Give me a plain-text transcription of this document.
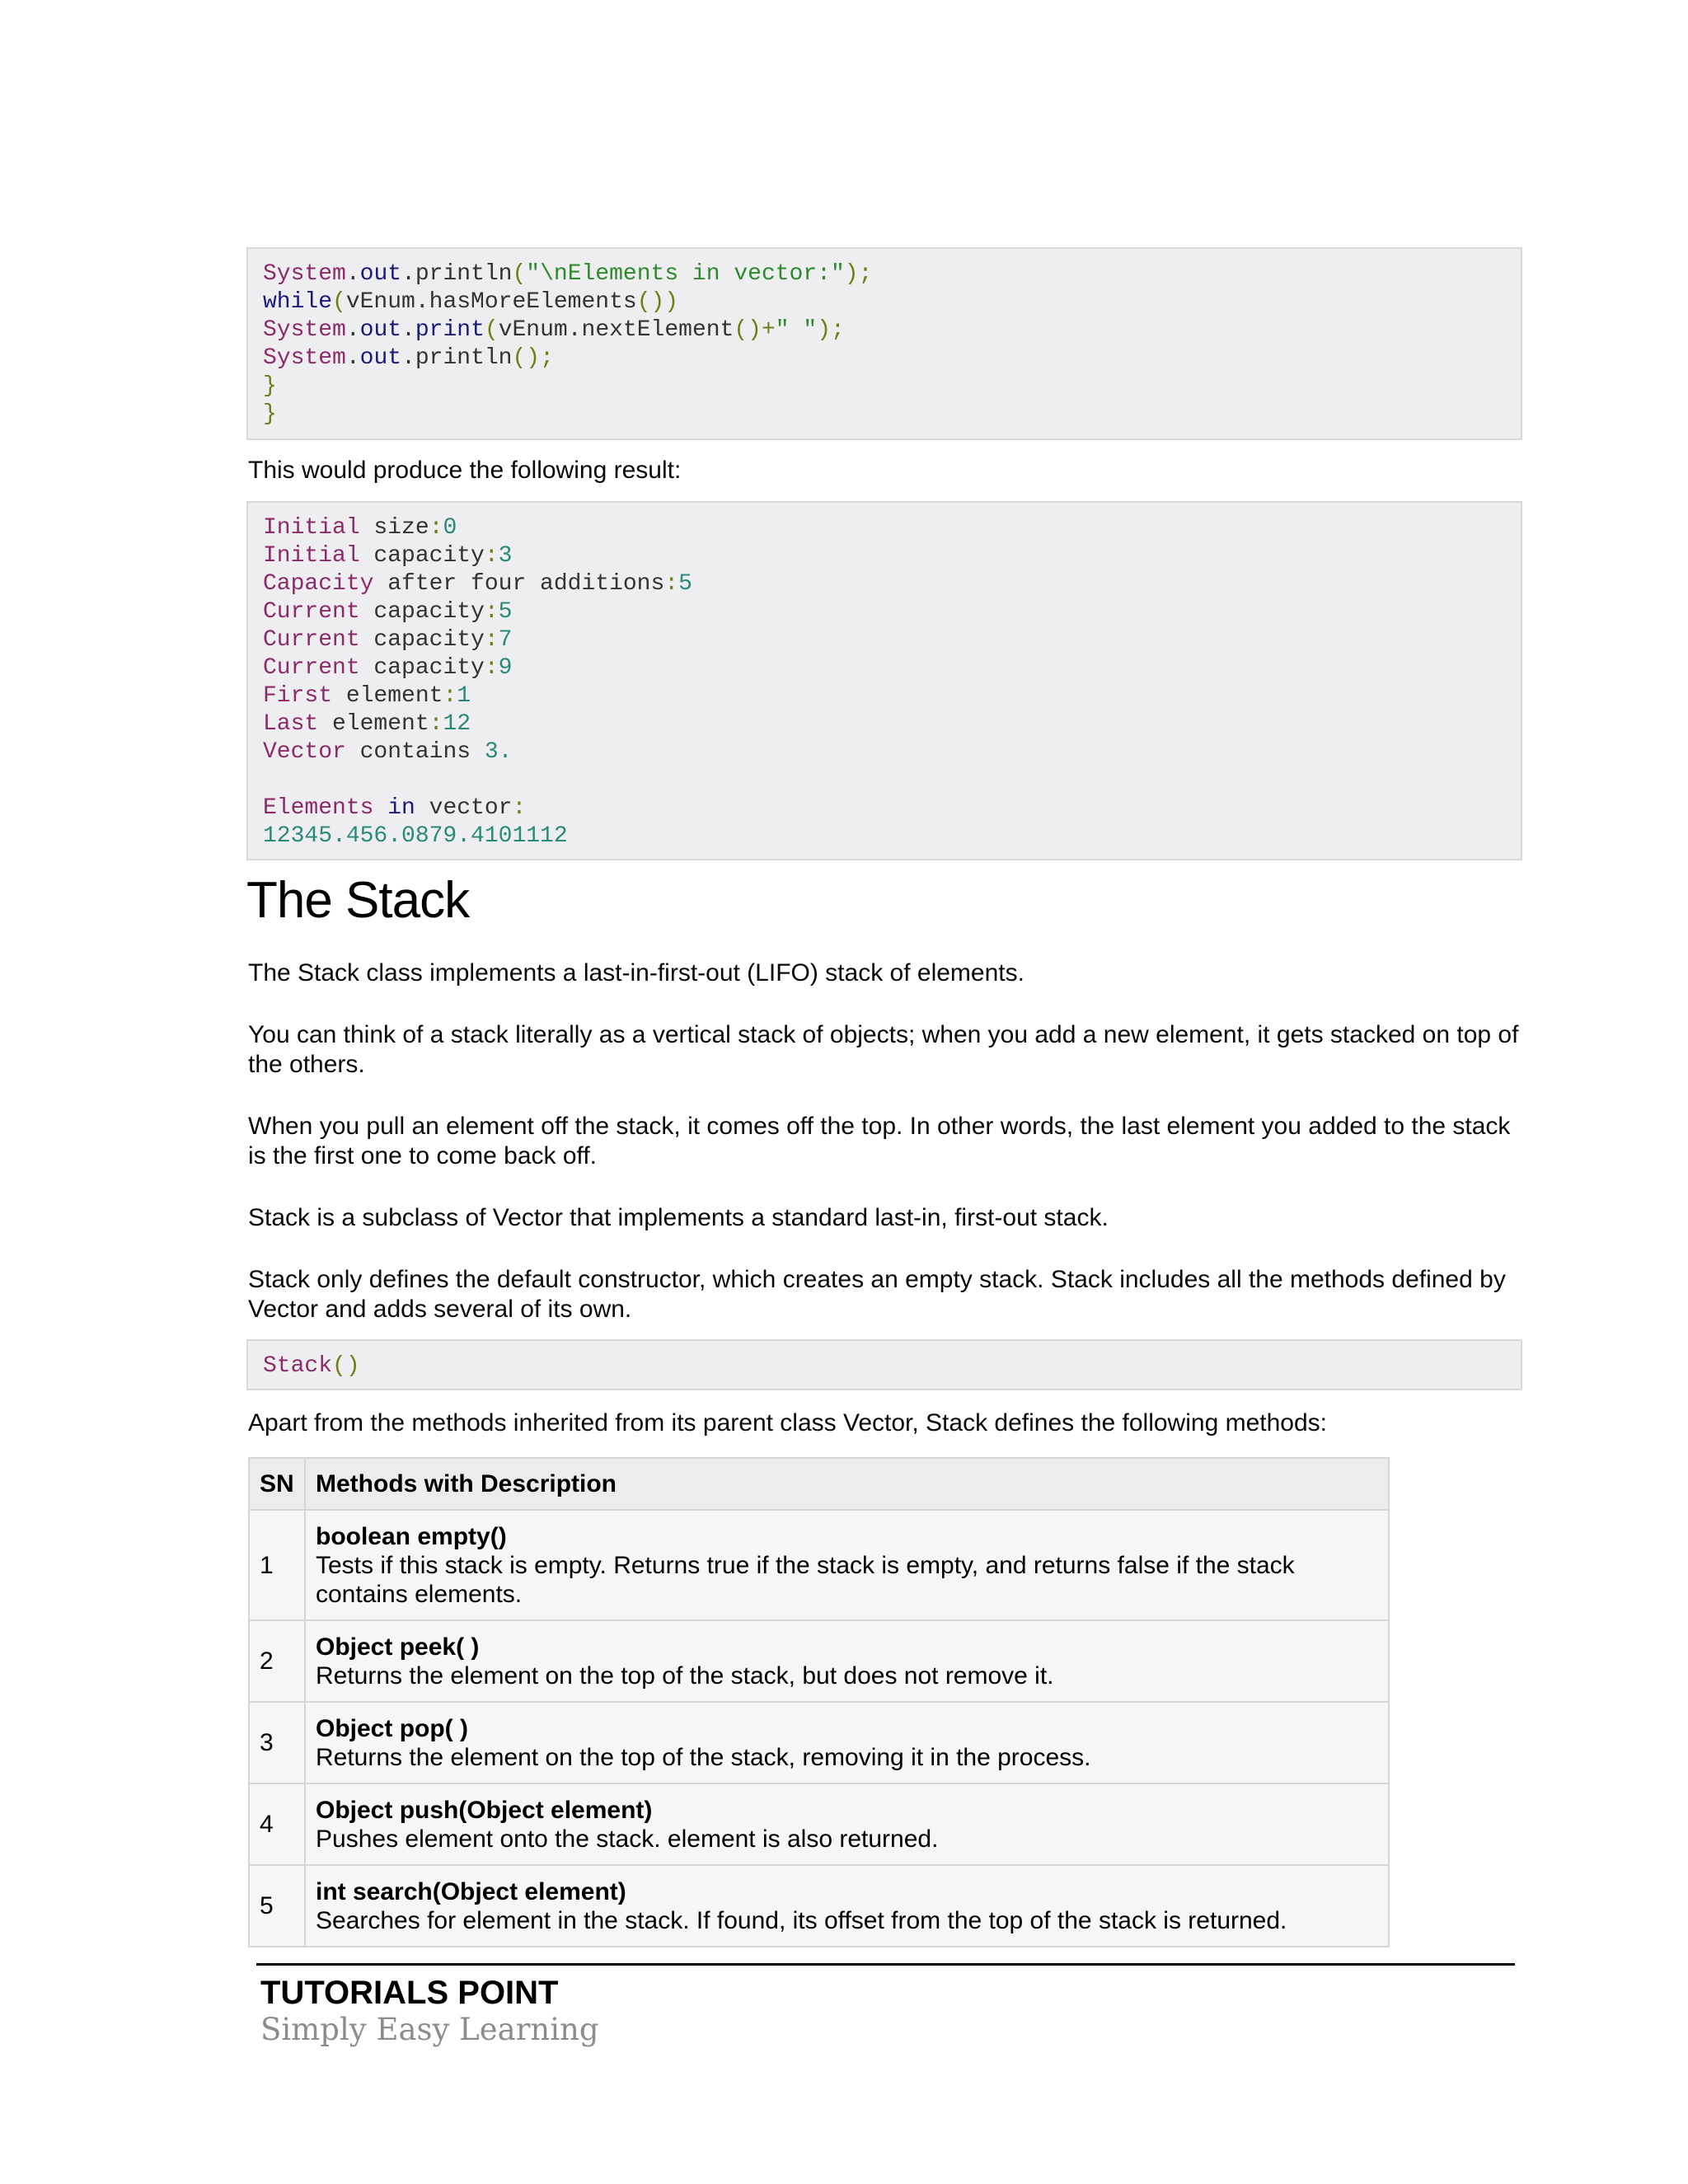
System.out.println("\nElements in vector:");
while(vEnum.hasMoreElements())
System.out.print(vEnum.nextElement()+" ");
System.out.println();
}
}
This would produce the following result:
Initial size:0
Initial capacity:3
Capacity after four additions:5
Current capacity:5
Current capacity:7
Current capacity:9
First element:1
Last element:12
Vector contains 3.
Elements in vector:
12345.456.0879.4101112
The Stack
The Stack class implements a last-in-first-out (LIFO) stack of elements.
You can think of a stack literally as a vertical stack of objects; when you add a new element, it gets stacked on top of the others.
When you pull an element off the stack, it comes off the top. In other words, the last element you added to the stack is the first one to come back off.
Stack is a subclass of Vector that implements a standard last-in, first-out stack.
Stack only defines the default constructor, which creates an empty stack. Stack includes all the methods defined by Vector and adds several of its own.
Stack()
Apart from the methods inherited from its parent class Vector, Stack defines the following methods:
SN	Methods with Description
1	boolean empty()
Tests if this stack is empty. Returns true if the stack is empty, and returns false if the stack contains elements.

2	Object peek( )
Returns the element on the top of the stack, but does not remove it.

3	Object pop( )
Returns the element on the top of the stack, removing it in the process.

4	Object push(Object element)
Pushes element onto the stack. element is also returned.

5	int search(Object element)
Searches for element in the stack. If found, its offset from the top of the stack is returned.
TUTORIALS POINT
Simply Easy Learning
